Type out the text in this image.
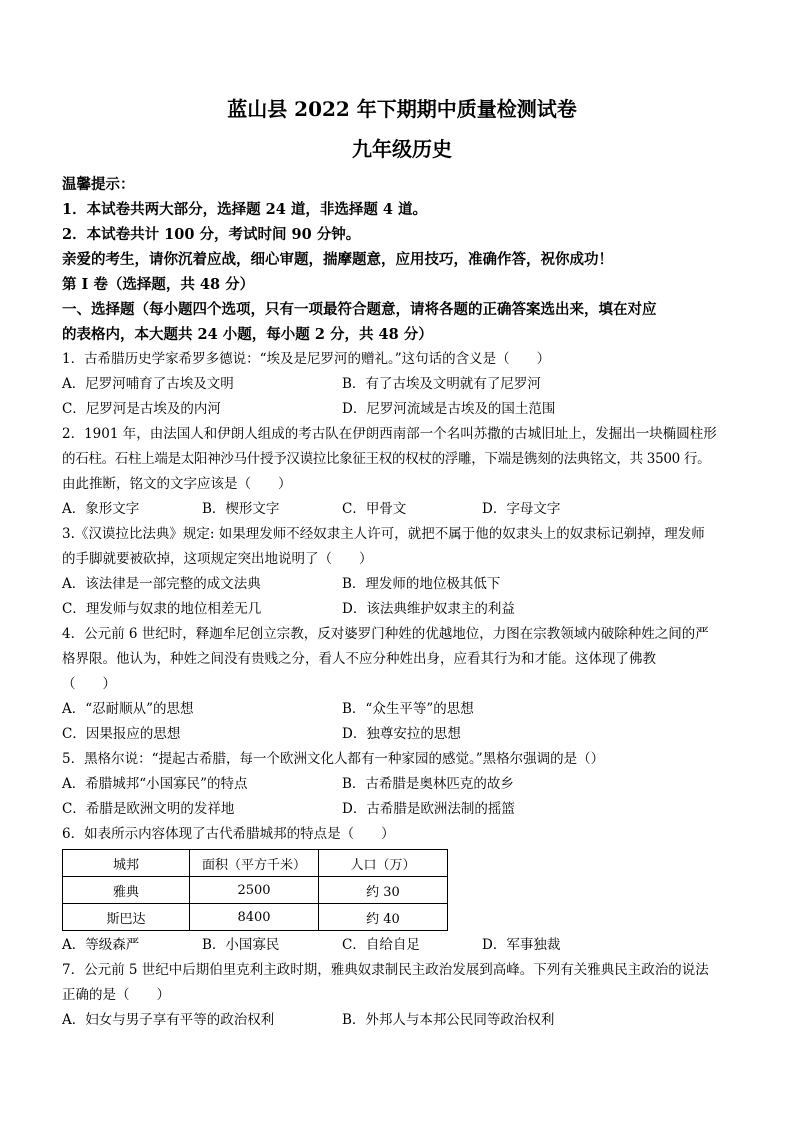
蓝山县 2022 年下期期中质量检测试卷
九年级历史
温馨提示：
1．本试卷共两大部分，选择题 24 道，非选择题 4 道。
2．本试卷共计 100 分，考试时间 90 分钟。
亲爱的考生，请你沉着应战，细心审题，揣摩题意，应用技巧，准确作答，祝你成功！
第 I 卷（选择题，共 48 分）
一、选择题（每小题四个选项，只有一项最符合题意，请将各题的正确答案选出来，填在对应
的表格内，本大题共 24 小题，每小题 2 分，共 48 分）
1．古希腊历史学家希罗多德说：“埃及是尼罗河的赠礼。”这句话的含义是（　　）
A．尼罗河哺育了古埃及文明	B．有了古埃及文明就有了尼罗河
C．尼罗河是古埃及的内河	D．尼罗河流域是古埃及的国土范围
2．1901 年，由法国人和伊朗人组成的考古队在伊朗西南部一个名叫苏撒的古城旧址上，发掘出一块椭圆柱形
的石柱。石柱上端是太阳神沙马什授予汉谟拉比象征王权的权杖的浮雕，下端是镌刻的法典铭文，共 3500 行。
由此推断，铭文的文字应该是（　　）
A．象形文字	B．楔形文字	C．甲骨文	D．字母文字
3.《汉谟拉比法典》规定: 如果理发师不经奴隶主人许可，就把不属于他的奴隶头上的奴隶标记剃掉，理发师
的手脚就要被砍掉，这项规定突出地说明了（　　）
A．该法律是一部完整的成文法典	B．理发师的地位极其低下
C．理发师与奴隶的地位相差无几	D．该法典维护奴隶主的利益
4．公元前 6 世纪时，释迦牟尼创立宗教，反对婆罗门种姓的优越地位，力图在宗教领域内破除种姓之间的严
格界限。他认为，种姓之间没有贵贱之分，看人不应分种姓出身，应看其行为和才能。这体现了佛教
（　　）
A．“忍耐顺从”的思想	B．“众生平等”的思想
C．因果报应的思想	D．独尊安拉的思想
5．黑格尔说：“提起古希腊，每一个欧洲文化人都有一种家园的感觉。”黑格尔强调的是（）
A．希腊城邦“小国寡民”的特点	B．古希腊是奥林匹克的故乡
C．希腊是欧洲文明的发祥地	D．古希腊是欧洲法制的摇篮
6．如表所示内容体现了古代希腊城邦的特点是（　　）
城邦	面积（平方千米）	人口（万）
雅典	2500	约 30
斯巴达	8400	约 40
A．等级森严	B．小国寡民	C．自给自足	D．军事独裁
7．公元前 5 世纪中后期伯里克利主政时期，雅典奴隶制民主政治发展到高峰。下列有关雅典民主政治的说法
正确的是（　　）
A．妇女与男子享有平等的政治权利	B．外邦人与本邦公民同等政治权利
